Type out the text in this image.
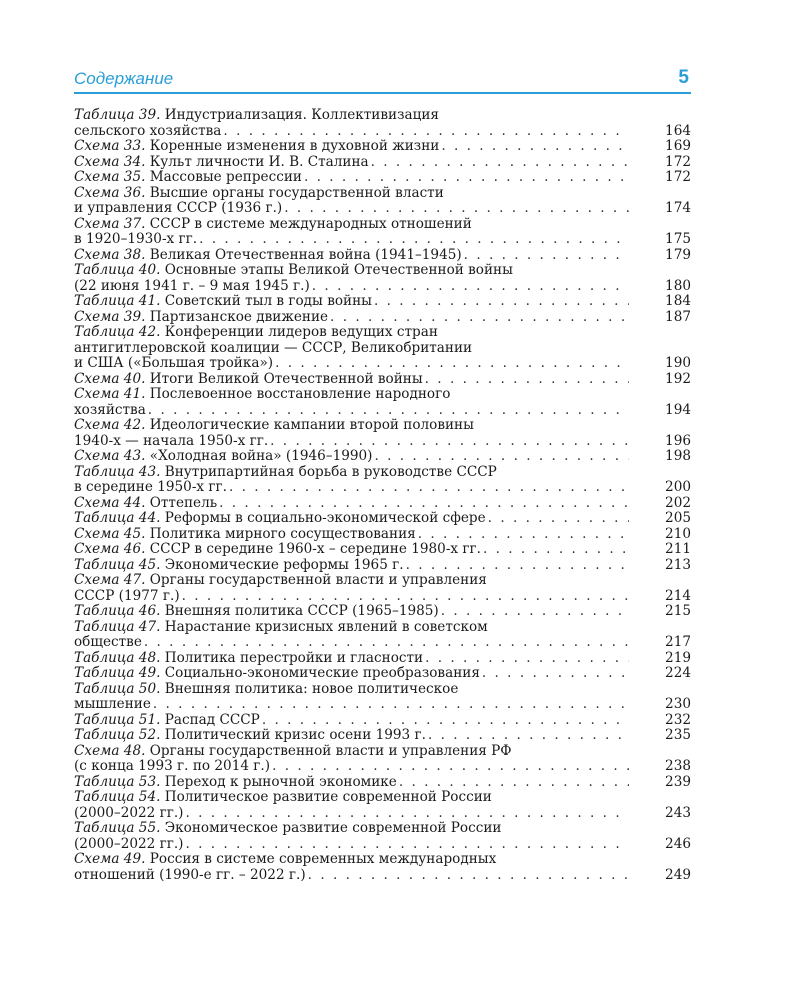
Содержание	5
Таблица 39. Индустриализация. Коллективизация
сельского хозяйства . . .	164
Схема 33. Коренные изменения в духовной жизни . . .	169
Схема 34. Культ личности И. В. Сталина . . .	172
Схема 35. Массовые репрессии . . .	172
Схема 36. Высшие органы государственной власти
и управления СССР (1936 г.) . . .	174
Схема 37. СССР в системе международных отношений
в 1920–1930-х гг. . . .	175
Схема 38. Великая Отечественная война (1941–1945) . . .	179
Таблица 40. Основные этапы Великой Отечественной войны
(22 июня 1941 г. – 9 мая 1945 г.) . . .	180
Таблица 41. Советский тыл в годы войны . . .	184
Схема 39. Партизанское движение . . .	187
Таблица 42. Конференции лидеров ведущих стран
антигитлеровской коалиции — СССР, Великобритании
и США («Большая тройка») . . .	190
Схема 40. Итоги Великой Отечественной войны . . .	192
Схема 41. Послевоенное восстановление народного
хозяйства . . .	194
Схема 42. Идеологические кампании второй половины
1940-х — начала 1950-х гг. . . .	196
Схема 43. «Холодная война» (1946–1990) . . .	198
Таблица 43. Внутрипартийная борьба в руководстве СССР
в середине 1950-х гг. . . .	200
Схема 44. Оттепель . . .	202
Таблица 44. Реформы в социально-экономической сфере . . .	205
Схема 45. Политика мирного сосуществования . . .	210
Схема 46. СССР в середине 1960-х – середине 1980-х гг. . . .	211
Таблица 45. Экономические реформы 1965 г. . . .	213
Схема 47. Органы государственной власти и управления
СССР (1977 г.) . . .	214
Таблица 46. Внешняя политика СССР (1965–1985) . . .	215
Таблица 47. Нарастание кризисных явлений в советском
обществе . . .	217
Таблица 48. Политика перестройки и гласности . . .	219
Таблица 49. Социально-экономические преобразования . . .	224
Таблица 50. Внешняя политика: новое политическое
мышление . . .	230
Таблица 51. Распад СССР . . .	232
Таблица 52. Политический кризис осени 1993 г. . . .	235
Схема 48. Органы государственной власти и управления РФ
(с конца 1993 г. по 2014 г.) . . .	238
Таблица 53. Переход к рыночной экономике . . .	239
Таблица 54. Политическое развитие современной России
(2000–2022 гг.) . . .	243
Таблица 55. Экономическое развитие современной России
(2000–2022 гг.) . . .	246
Схема 49. Россия в системе современных международных
отношений (1990-е гг. – 2022 г.) . . .	249
